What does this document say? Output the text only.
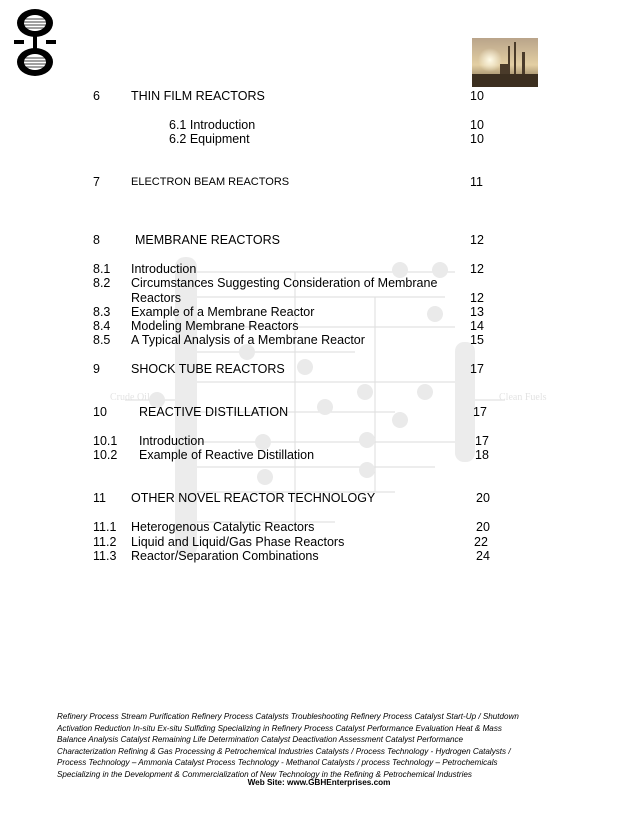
Crude Oil	Clean Fuels
6 THIN FILM REACTORS	10
6.1 Introduction	10
6.2 Equipment	10
7	ELECTRON BEAM REACTORS	11
8	MEMBRANE REACTORS	12
8.1 Introduction	12
8.2 Circumstances Suggesting Consideration of Membrane
Reactors	12
8.3 Example of a Membrane Reactor	13
8.4 Modeling Membrane Reactors	14
8.5 A Typical Analysis of a Membrane Reactor	15
9 SHOCK TUBE REACTORS	17
10	REACTIVE DISTILLATION	17
10.1 Introduction	17
10.2 Example of Reactive Distillation	18
11 OTHER NOVEL REACTOR TECHNOLOGY	20
11.1 Heterogenous Catalytic Reactors	20
11.2 Liquid and Liquid/Gas Phase Reactors	22
11.3 Reactor/Separation Combinations	24
Refinery Process Stream Purification Refinery Process Catalysts Troubleshooting Refinery Process Catalyst Start-Up / Shutdown
Activation Reduction In-situ Ex-situ Sulfiding Specializing in Refinery Process Catalyst Performance Evaluation Heat & Mass
Balance Analysis Catalyst Remaining Life Determination Catalyst Deactivation Assessment Catalyst Performance
Characterization Refining & Gas Processing & Petrochemical Industries Catalysts / Process Technology - Hydrogen Catalysts /
Process Technology – Ammonia Catalyst Process Technology - Methanol Catalysts / process Technology – Petrochemicals
Specializing in the Development & Commercialization of New Technology in the Refining & Petrochemical Industries
Web Site: www.GBHEnterprises.com
